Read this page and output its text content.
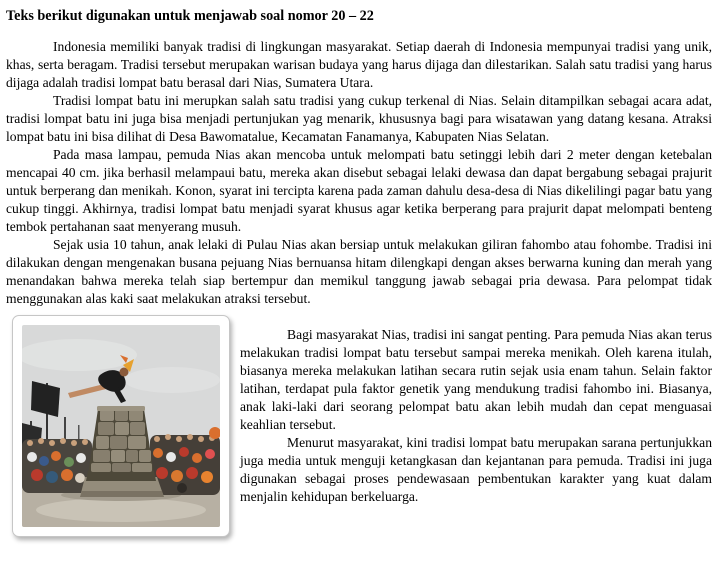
Teks berikut digunakan untuk menjawab soal nomor 20 – 22

Indonesia memiliki banyak tradisi di lingkungan masyarakat. Setiap daerah di Indonesia mempunyai tradisi yang unik, khas, serta beragam. Tradisi tersebut merupakan warisan budaya yang harus dijaga dan dilestarikan. Salah satu tradisi yang harus dijaga adalah tradisi lompat batu berasal dari Nias, Sumatera Utara.

Tradisi lompat batu ini merupkan salah satu tradisi yang cukup terkenal di Nias. Selain ditampilkan sebagai acara adat, tradisi lompat batu ini juga bisa menjadi pertunjukan yag menarik, khususnya bagi para wisatawan yang datang kesana. Atraksi lompat batu ini bisa dilihat di Desa Bawomatalue, Kecamatan Fanamanya, Kabupaten Nias Selatan.

Pada masa lampau, pemuda Nias akan mencoba untuk melompati batu setinggi lebih dari 2 meter dengan ketebalan mencapai 40 cm. jika berhasil melampaui batu, mereka akan disebut sebagai lelaki dewasa dan dapat bergabung sebagai prajurit untuk berperang dan menikah. Konon, syarat ini tercipta karena pada zaman dahulu desa-desa di Nias dikelilingi pagar batu yang cukup tinggi. Akhirnya, tradisi lompat batu menjadi syarat khusus agar ketika berperang para prajurit dapat melompati benteng tembok pertahanan saat menyerang musuh.

Sejak usia 10 tahun, anak lelaki di Pulau Nias akan bersiap untuk melakukan giliran fahombo atau fohombe. Tradisi ini dilakukan dengan mengenakan busana pejuang Nias bernuansa hitam dilengkapi dengan akses berwarna kuning dan merah yang menandakan bahwa mereka telah siap bertempur dan memikul tanggung jawab sebagai pria dewasa. Para pelompat tidak menggunakan alas kaki saat melakukan atraksi tersebut.

Bagi masyarakat Nias, tradisi ini sangat penting. Para pemuda Nias akan terus melakukan tradisi lompat batu tersebut sampai mereka menikah. Oleh karena itulah, biasanya mereka melakukan latihan secara rutin sejak usia enam tahun. Selain faktor latihan, terdapat pula faktor genetik yang mendukung tradisi fahombo ini. Biasanya, anak laki-laki dari seorang pelompat batu akan lebih mudah dan cepat menguasai keahlian tersebut.

Menurut masyarakat, kini tradisi lompat batu merupakan sarana pertunjukkan juga media untuk menguji ketangkasan dan kejantanan para pemuda. Tradisi ini juga digunakan sebagai proses pendewasaan pembentukan karakter yang kuat dalam menjalin kehidupan berkeluarga.
